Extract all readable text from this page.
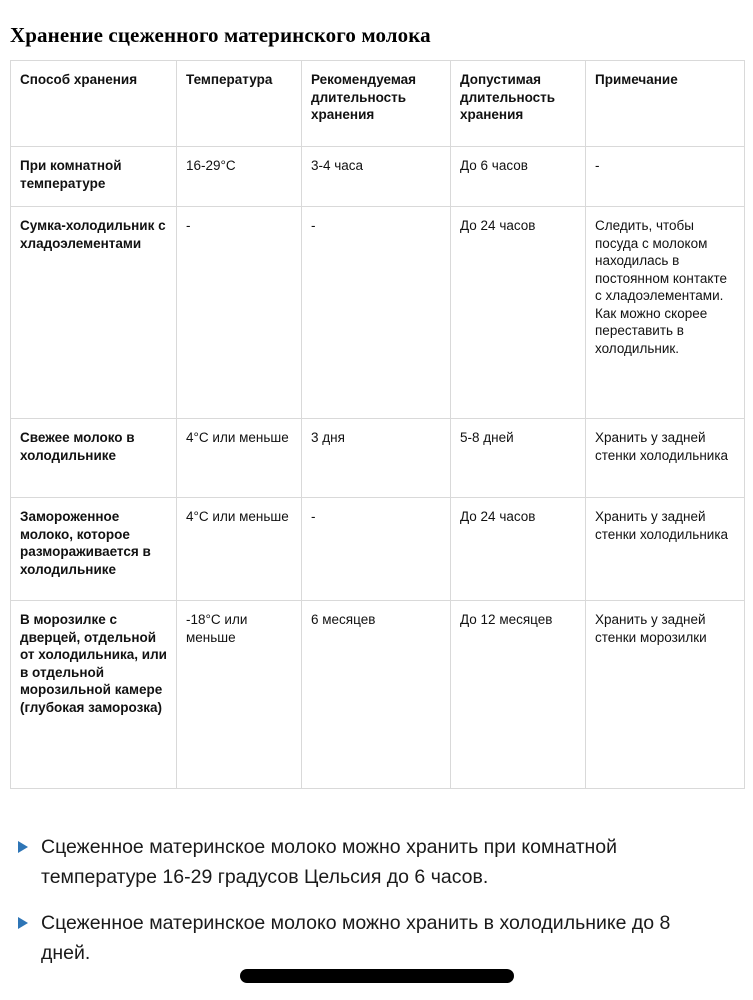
Хранение сцеженного материнского молока
Способ хранения	Температура	Рекомендуемая длительность хранения	Допустимая длительность хранения	Примечание
При комнатной температуре	16-29°С	3-4 часа	До 6 часов	-
Сумка-холодильник с хладоэлементами	-	-	До 24 часов	Следить, чтобы посуда с молоком находилась в постоянном контакте с хладоэлементами. Как можно скорее переставить в холодильник.
Свежее молоко в холодильнике	4°С или меньше	3 дня	5-8 дней	Хранить у задней стенки холодильника
Замороженное молоко, которое размораживается в холодильнике	4°С или меньше	-	До 24 часов	Хранить у задней стенки холодильника
В морозилке с дверцей, отдельной от холодильника, или в отдельной морозильной камере (глубокая заморозка)	-18°С или меньше	6 месяцев	До 12 месяцев	Хранить у задней стенки морозилки
Сцеженное материнское молоко можно хранить при комнатной температуре 16-29 градусов Цельсия до 6 часов.
Сцеженное материнское молоко можно хранить в холодильнике до 8 дней.
